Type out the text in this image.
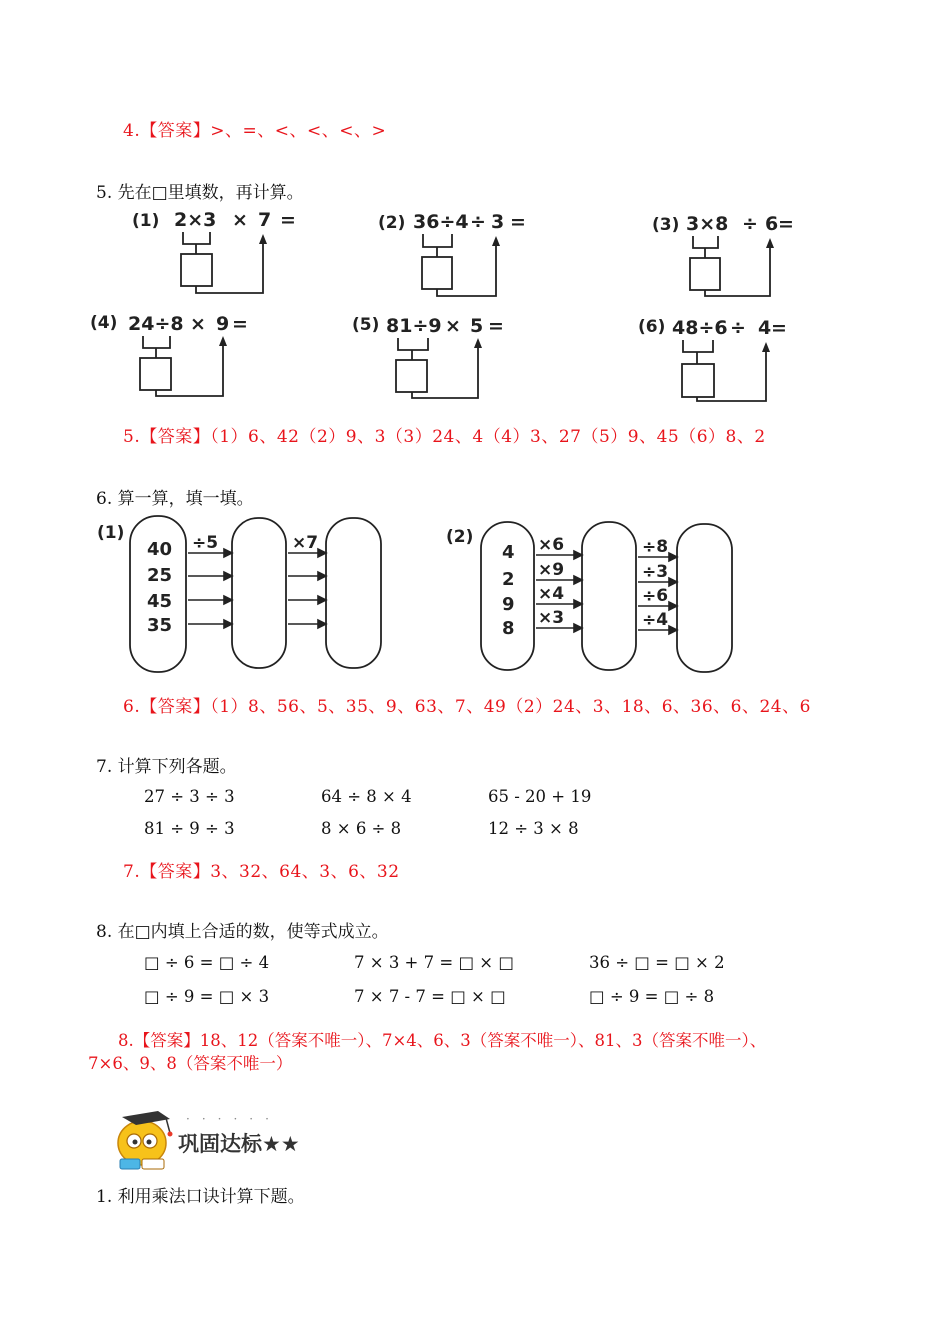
4.【答案】>、=、<、<、<、>
5. 先在□里填数，再计算。
(1) 2×3 × 7 =	(2) 36÷4 ÷ 3 =	(3) 3×8 ÷ 6 =
(4) 24÷8 × 9 =	(5) 81÷9 × 5 =	(6) 48÷6 ÷ 4 =
5.【答案】（1）6、42（2）9、3（3）24、4（4）3、27（5）9、45（6）8、2
6. 算一算，填一填。
(1)
40
25
45
35
÷5	×7	(2)
4
2
9
8
×6
×9
×4
×3
÷8
÷3
÷6
÷4
6.【答案】（1）8、56、5、35、9、63、7、49（2）24、3、18、6、36、6、24、6
7. 计算下列各题。
27 ÷ 3 ÷ 3	64 ÷ 8 × 4	65 - 20 + 19
81 ÷ 9 ÷ 3	8 × 6 ÷ 8	12 ÷ 3 × 8
7.【答案】3、32、64、3、6、32
8. 在□内填上合适的数，使等式成立。
□ ÷ 6 = □ ÷ 4	7 × 3 + 7 = □ × □	36 ÷ □ = □ × 2
□ ÷ 9 = □ × 3	7 × 7 - 7 = □ × □	□ ÷ 9 = □ ÷ 8
8.【答案】18、12（答案不唯一）、7×4、6、3（答案不唯一）、81、3（答案不唯一）、
7×6、9、8（答案不唯一）
······
巩固达标★★
1. 利用乘法口诀计算下题。
